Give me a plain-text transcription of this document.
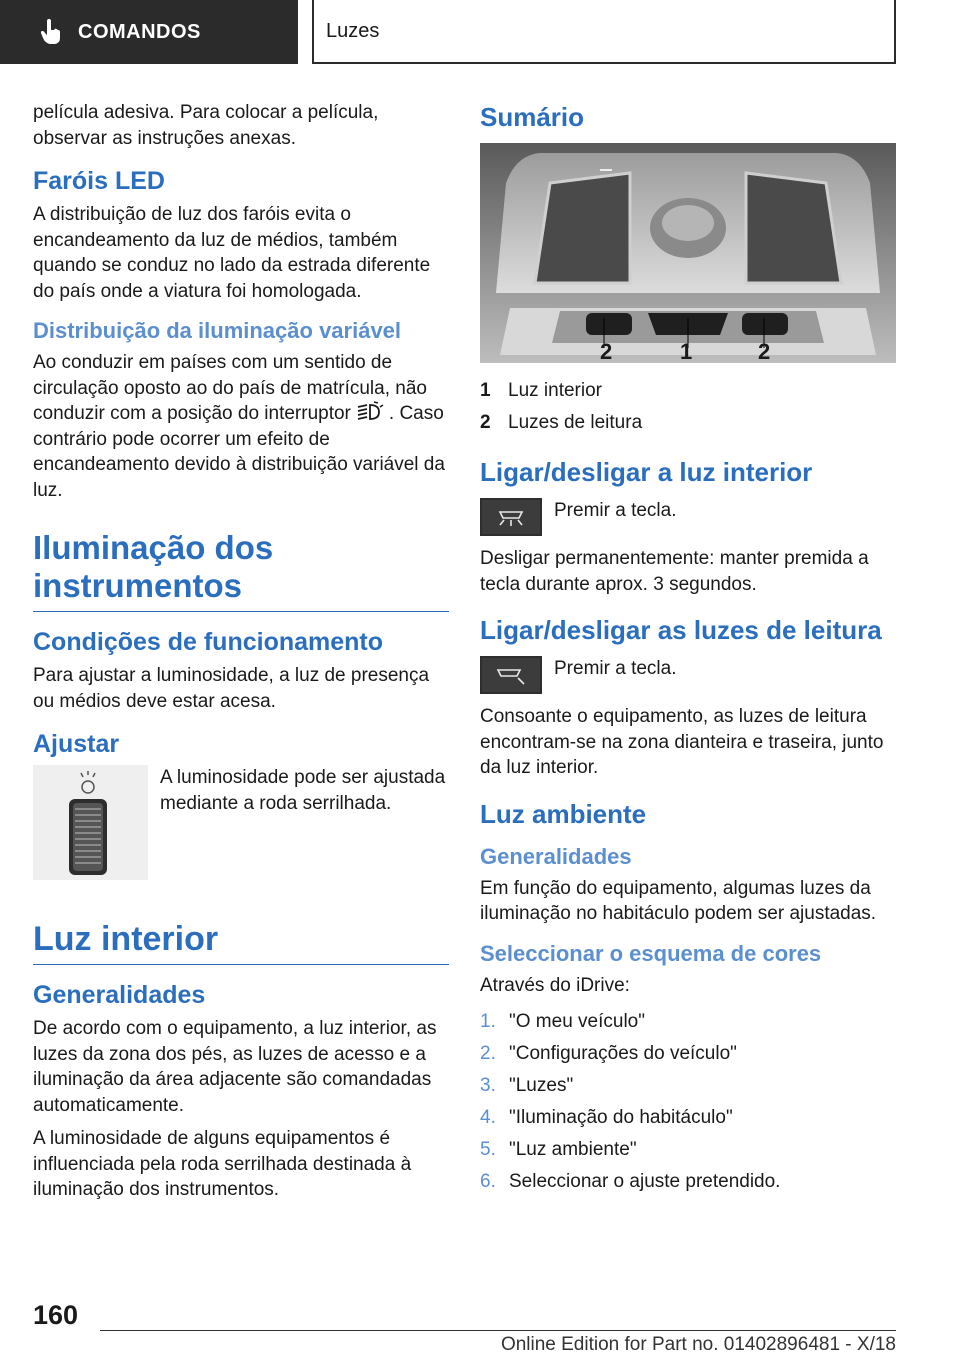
COMANDOS	Luzes

película adesiva. Para colocar a película, observar as instruções anexas.

Faróis LED

A distribuição de luz dos faróis evita o encandeamento da luz de médios, também quando se conduz no lado da estrada diferente do país onde a viatura foi homologada.

Distribuição da iluminação variável

Ao conduzir em países com um sentido de circulação oposto ao do país de matrícula, não conduzir com a posição do interruptor . Caso contrário pode ocorrer um efeito de encandeamento devido à distribuição variável da luz.

Iluminação dos instrumentos
Condições de funcionamento

Para ajustar a luminosidade, a luz de presença ou médios deve estar acesa.

Ajustar
A luminosidade pode ser ajustada mediante a roda serrilhada.
Luz interior
Generalidades

De acordo com o equipamento, a luz interior, as luzes da zona dos pés, as luzes de acesso e a iluminação da área adjacente são comandadas automaticamente.

A luminosidade de alguns equipamentos é influenciada pela roda serrilhada destinada à iluminação dos instrumentos.

Sumário
2	1	2
1 Luz interior
2 Luzes de leitura
Ligar/desligar a luz interior
Premir a tecla.

Desligar permanentemente: manter premida a tecla durante aprox. 3 segundos.

Ligar/desligar as luzes de leitura
Premir a tecla.

Consoante o equipamento, as luzes de leitura encontram-se na zona dianteira e traseira, junto da luz interior.

Luz ambiente
Generalidades

Em função do equipamento, algumas luzes da iluminação no habitáculo podem ser ajustadas.

Seleccionar o esquema de cores

Através do iDrive:

1. "O meu veículo"
2. "Configurações do veículo"
3. "Luzes"
4. "Iluminação do habitáculo"
5. "Luz ambiente"
6. Seleccionar o ajuste pretendido.
160
Online Edition for Part no. 01402896481 - X/18
